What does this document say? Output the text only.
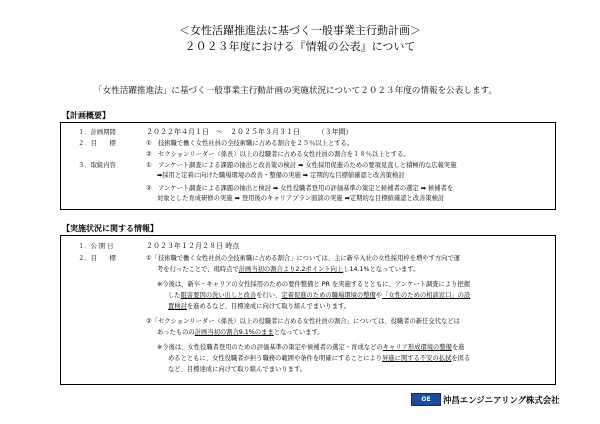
＜女性活躍推進法に基づく一般事業主行動計画＞
２０２３年度における『情報の公表』について
「女性活躍推進法」に基づく一般事業主行動計画の実施状況について２０２３年度の情報を公表します。
【計画概要】
１．計画期間	２０２２年４月１日　～　２０２５年３月３１日　　　（３年間）
２．目　　標	①　技術職で働く女性社員の全技術職に占める割合を２５％以上とする。
②　セクションリーダー（係長）以上の役職者に占める女性社員の割合を１８％以上とする。
３．取組内容	①　アンケート調査による課題の抽出と改善策の検討 ➡ 女性採用促進のための要項見直しと積極的な広報実施
➡採用と定着に向けた職場環境の改善・整備の実施 ➡ 定期的な目標値確認と改善策検討
②　アンケート調査による課題の抽出と検討 ➡ 女性役職者登用の評価基準の策定と候補者の選定 ➡ 候補者を
対象とした育成研修の実施 ➡ 登用後のキャリアプラン面談の実施 ➡定期的な目標値確認と改善策検討
【実施状況に関する情報】
１．公 開 日	２０２３年１２月２８日 時点
２．目　　標	①「技術職で働く女性社員の全技術職に占める割合」については、主に新卒入社の女性採用枠を増やす方向で運
考を行ったことで、現時点で計画当初の割合より2.2ポイント向上し14.1%となっています。
※今後は、新卒・キャリアの女性採用のための要件整備と PR を実施するとともに、アンケート調査により把握
した阻害要因の洗い出しと改善を行い、定着促進のための職場環境の整備や「女性のための相談窓口」の設
置検討を進めるなど、目標達成に向けて取り組んでまいります。
②「セクションリーダー（係長）以上の役職者に占める女性社員の割合」については、役職者の新任交代などは
あったものの計画当初の割合9.1%のままとなっています。
※今後は、女性役職者登用のための評価基準の策定や候補者の選定・育成などのキャリア形成環境の整備を進
めるとともに、女性役職者が担う職務の範囲や条件を明確にすることにより昇進に関する不安の払拭を図る
など、目標達成に向けて取り組んでまいります。
OE	沖昌エンジニアリング株式会社
